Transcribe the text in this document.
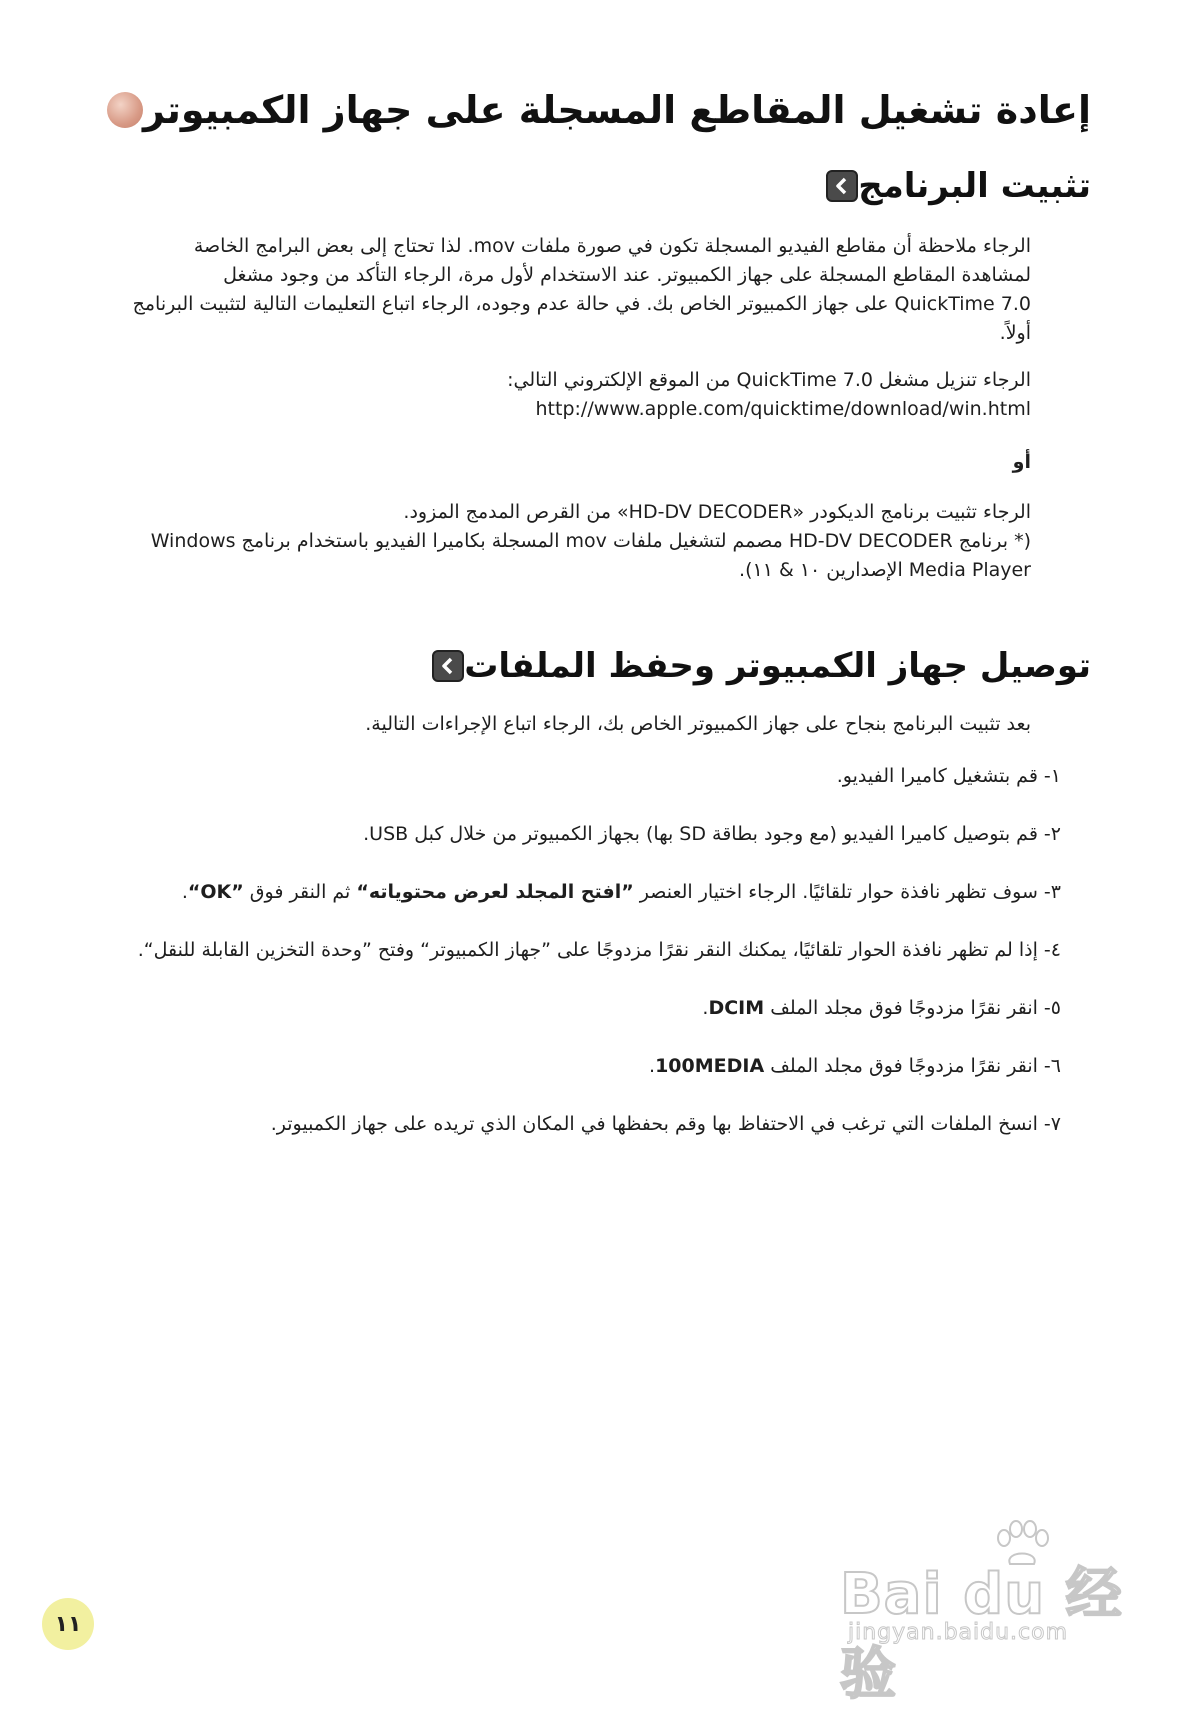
إعادة تشغيل المقاطع المسجلة على جهاز الكمبيوتر
تثبيت البرنامج

الرجاء ملاحظة أن مقاطع الفيديو المسجلة تكون في صورة ملفات mov. لذا تحتاج إلى بعض البرامج الخاصة لمشاهدة المقاطع المسجلة على جهاز الكمبيوتر. عند الاستخدام لأول مرة، الرجاء التأكد من وجود مشغل QuickTime 7.0 على جهاز الكمبيوتر الخاص بك. في حالة عدم وجوده، الرجاء اتباع التعليمات التالية لتثبيت البرنامج أولاً.

الرجاء تنزيل مشغل QuickTime 7.0 من الموقع الإلكتروني التالي:

http://www.apple.com/quicktime/download/win.html

أو

الرجاء تثبيت برنامج الديكودر «HD-DV DECODER» من القرص المدمج المزود.

(* برنامج HD-DV DECODER مصمم لتشغيل ملفات mov المسجلة بكاميرا الفيديو باستخدام برنامج Windows Media Player الإصدارين ١٠ & ١١).

توصيل جهاز الكمبيوتر وحفظ الملفات

بعد تثبيت البرنامج بنجاح على جهاز الكمبيوتر الخاص بك، الرجاء اتباع الإجراءات التالية.

١-قم بتشغيل كاميرا الفيديو.
٢-قم بتوصيل كاميرا الفيديو (مع وجود بطاقة SD بها) بجهاز الكمبيوتر من خلال كبل USB.
٣-سوف تظهر نافذة حوار تلقائيًا. الرجاء اختيار العنصر ”افتح المجلد لعرض محتوياته“ ثم النقر فوق ”OK“.
٤-إذا لم تظهر نافذة الحوار تلقائيًا، يمكنك النقر نقرًا مزدوجًا على ”جهاز الكمبيوتر“ وفتح ”وحدة التخزين القابلة للنقل“.
٥-انقر نقرًا مزدوجًا فوق مجلد الملف DCIM.
٦-انقر نقرًا مزدوجًا فوق مجلد الملف 100MEDIA.
٧-انسخ الملفات التي ترغب في الاحتفاظ بها وقم بحفظها في المكان الذي تريده على جهاز الكمبيوتر.
١١	Bai du 经验
jingyan.baidu.com
